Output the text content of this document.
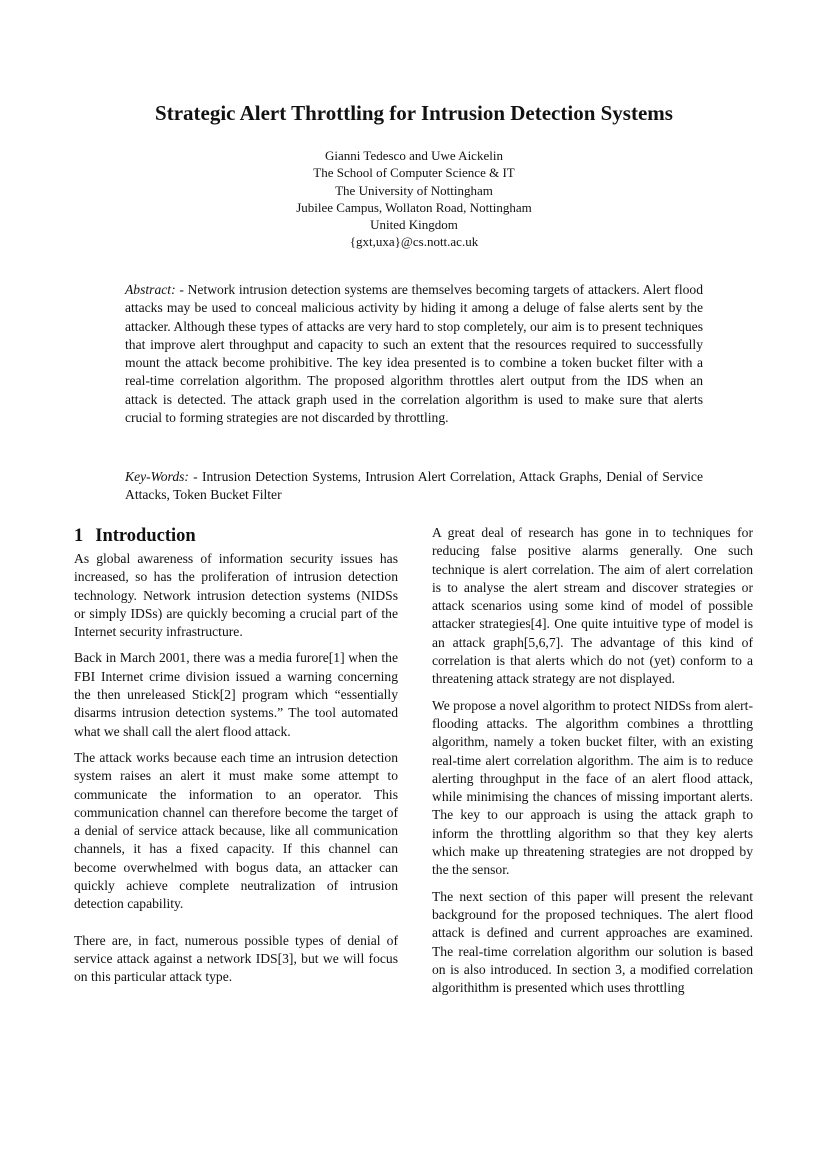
Strategic Alert Throttling for Intrusion Detection Systems
Gianni Tedesco and Uwe Aickelin
The School of Computer Science & IT
The University of Nottingham
Jubilee Campus, Wollaton Road, Nottingham
United Kingdom
{gxt,uxa}@cs.nott.ac.uk

Abstract: - Network intrusion detection systems are themselves becoming targets of attackers. Alert flood attacks may be used to conceal malicious activity by hiding it among a deluge of false alerts sent by the attacker. Although these types of attacks are very hard to stop completely, our aim is to present techniques that improve alert throughput and capacity to such an extent that the resources required to successfully mount the attack become prohibitive. The key idea presented is to combine a token bucket filter with a real-time correlation algorithm. The proposed algorithm throttles alert output from the IDS when an attack is detected. The attack graph used in the correlation algorithm is used to make sure that alerts crucial to forming strategies are not discarded by throttling.

Key-Words: - Intrusion Detection Systems, Intrusion Alert Correlation, Attack Graphs, Denial of Service Attacks, Token Bucket Filter

1 Introduction

As global awareness of information security issues has increased, so has the proliferation of intrusion detection technology. Network intrusion detection systems (NIDSs or simply IDSs) are quickly becoming a crucial part of the Internet security infrastructure.

Back in March 2001, there was a media furore[1] when the FBI Internet crime division issued a warning concerning the then unreleased Stick[2] program which “essentially disarms intrusion detection systems.” The tool automated what we shall call the alert flood attack.

The attack works because each time an intrusion detection system raises an alert it must make some attempt to communicate the information to an operator. This communication channel can therefore become the target of a denial of service attack because, like all communication channels, it has a fixed capacity. If this channel can become overwhelmed with bogus data, an attacker can quickly achieve complete neutralization of intrusion detection capability.

There are, in fact, numerous possible types of denial of service attack against a network IDS[3], but we will focus on this particular attack type.

A great deal of research has gone in to techniques for reducing false positive alarms generally. One such technique is alert correlation. The aim of alert correlation is to analyse the alert stream and discover strategies or attack scenarios using some kind of model of possible attacker strategies[4]. One quite intuitive type of model is an attack graph[5,6,7]. The advantage of this kind of correlation is that alerts which do not (yet) conform to a threatening attack strategy are not displayed.

We propose a novel algorithm to protect NIDSs from alert-flooding attacks. The algorithm combines a throttling algorithm, namely a token bucket filter, with an existing real-time alert correlation algorithm. The aim is to reduce alerting throughput in the face of an alert flood attack, while minimising the chances of missing important alerts. The key to our approach is using the attack graph to inform the throttling algorithm so that they key alerts which make up threatening strategies are not dropped by the the sensor.

The next section of this paper will present the relevant background for the proposed techniques. The alert flood attack is defined and current approaches are examined. The real-time correlation algorithm our solution is based on is also introduced. In section 3, a modified correlation algorithithm is presented which uses throttling
